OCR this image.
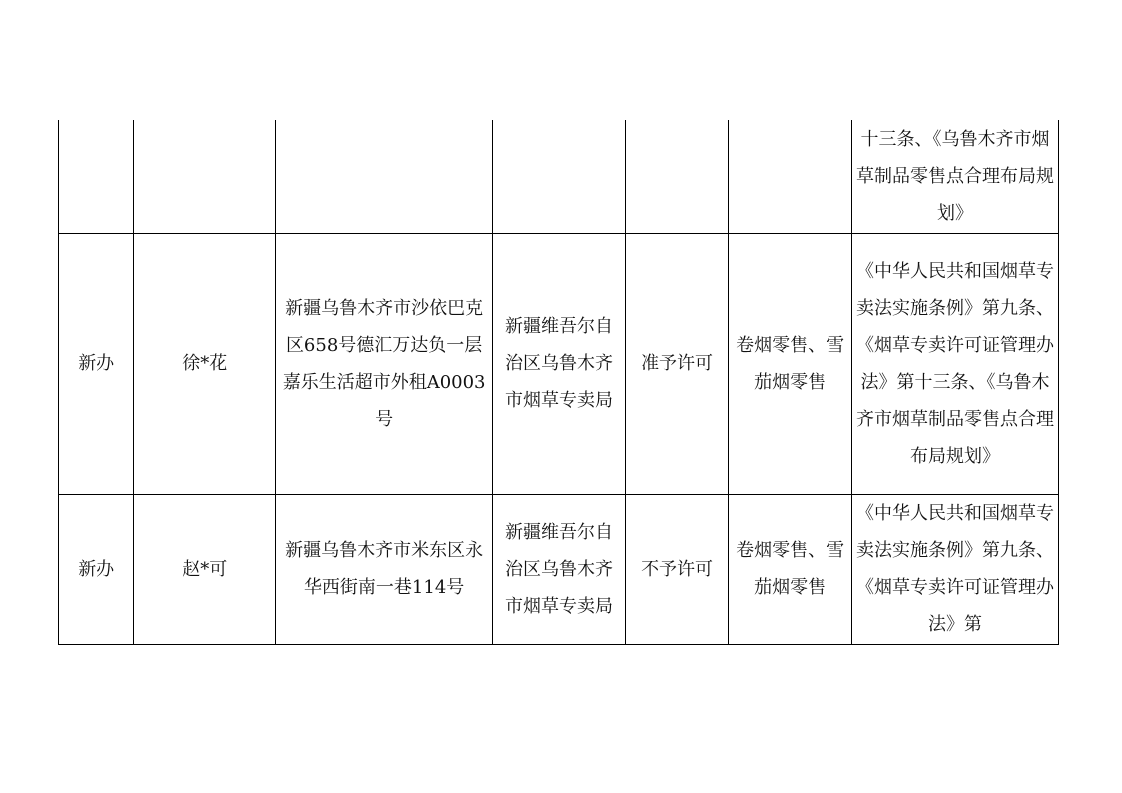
						十三条、《乌鲁木齐市烟草制品零售点合理布局规划》
新办	徐*花	新疆乌鲁木齐市沙依巴克区658号德汇万达负一层嘉乐生活超市外租A0003号	新疆维吾尔自治区乌鲁木齐市烟草专卖局	准予许可	卷烟零售、雪茄烟零售	《中华人民共和国烟草专卖法实施条例》第九条、《烟草专卖许可证管理办法》第十三条、《乌鲁木齐市烟草制品零售点合理布局规划》
新办	赵*可	新疆乌鲁木齐市米东区永华西街南一巷114号	新疆维吾尔自治区乌鲁木齐市烟草专卖局	不予许可	卷烟零售、雪茄烟零售	《中华人民共和国烟草专卖法实施条例》第九条、《烟草专卖许可证管理办法》第
